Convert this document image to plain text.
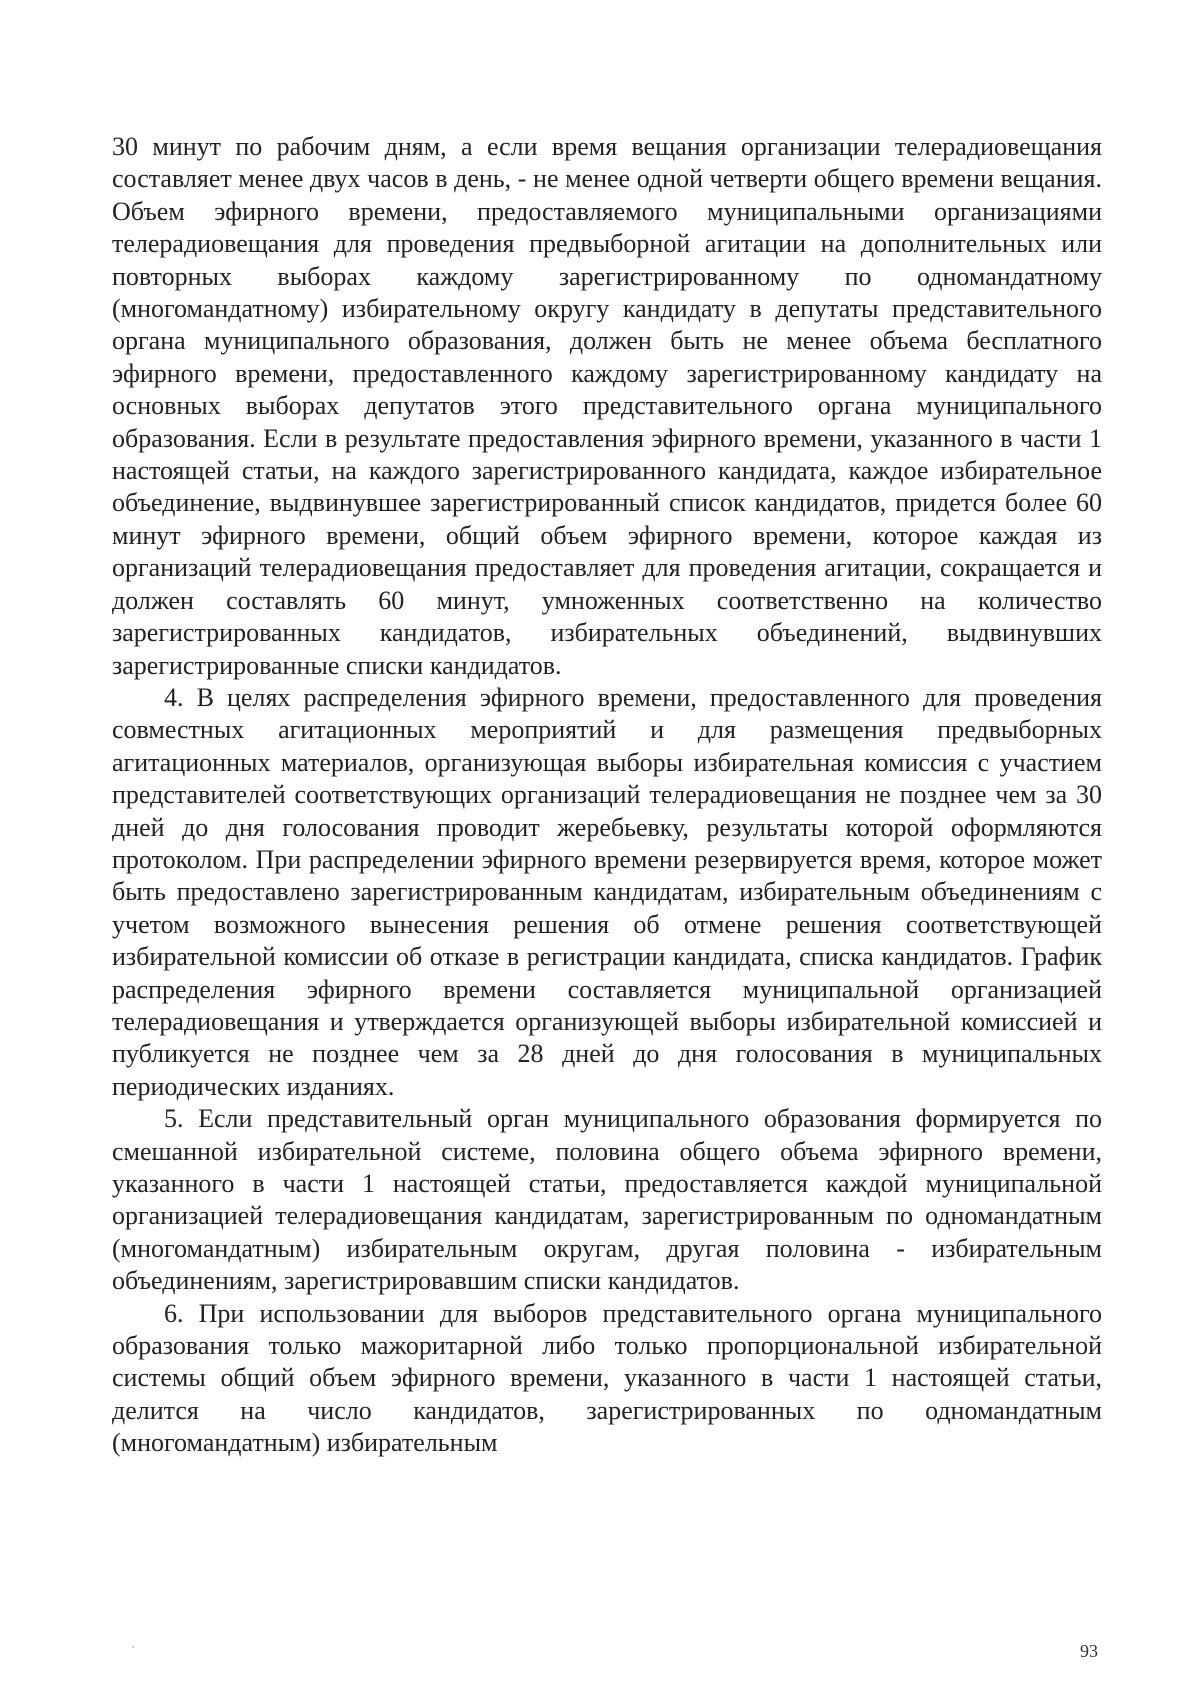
30 минут по рабочим дням, а если время вещания организации телерадиовещания составляет менее двух часов в день, - не менее одной четверти общего времени вещания. Объем эфирного времени, предоставляемого муниципальными организациями телерадиовещания для проведения предвыборной агитации на дополнительных или повторных выборах каждому зарегистрированному по одномандатному (многомандатному) избирательному округу кандидату в депутаты представительного органа муниципального образования, должен быть не менее объема бесплатного эфирного времени, предоставленного каждому зарегистрированному кандидату на основных выборах депутатов этого представительного органа муниципального образования. Если в результате предоставления эфирного времени, указанного в части 1 настоящей статьи, на каждого зарегистрированного кандидата, каждое избирательное объединение, выдвинувшее зарегистрированный список кандидатов, придется более 60 минут эфирного времени, общий объем эфирного времени, которое каждая из организаций телерадиовещания предоставляет для проведения агитации, сокращается и должен составлять 60 минут, умноженных соответственно на количество зарегистрированных кандидатов, избирательных объединений, выдвинувших зарегистрированные списки кандидатов.

4. В целях распределения эфирного времени, предоставленного для проведения совместных агитационных мероприятий и для размещения предвыборных агитационных материалов, организующая выборы избирательная комиссия с участием представителей соответствующих организаций телерадиовещания не позднее чем за 30 дней до дня голосования проводит жеребьевку, результаты которой оформляются протоколом. При распределении эфирного времени резервируется время, которое может быть предоставлено зарегистрированным кандидатам, избирательным объединениям с учетом возможного вынесения решения об отмене решения соответствующей избирательной комиссии об отказе в регистрации кандидата, списка кандидатов. График распределения эфирного времени составляется муниципальной организацией телерадиовещания и утверждается организующей выборы избирательной комиссией и публикуется не позднее чем за 28 дней до дня голосования в муниципальных периодических изданиях.

5. Если представительный орган муниципального образования формируется по смешанной избирательной системе, половина общего объема эфирного времени, указанного в части 1 настоящей статьи, предоставляется каждой муниципальной организацией телерадиовещания кандидатам, зарегистрированным по одномандатным (многомандатным) избирательным округам, другая половина - избирательным объединениям, зарегистрировавшим списки кандидатов.

6. При использовании для выборов представительного органа муниципального образования только мажоритарной либо только пропорциональной избирательной системы общий объем эфирного времени, указанного в части 1 настоящей статьи, делится на число кандидатов, зарегистрированных по одномандатным (многомандатным) избирательным

93
